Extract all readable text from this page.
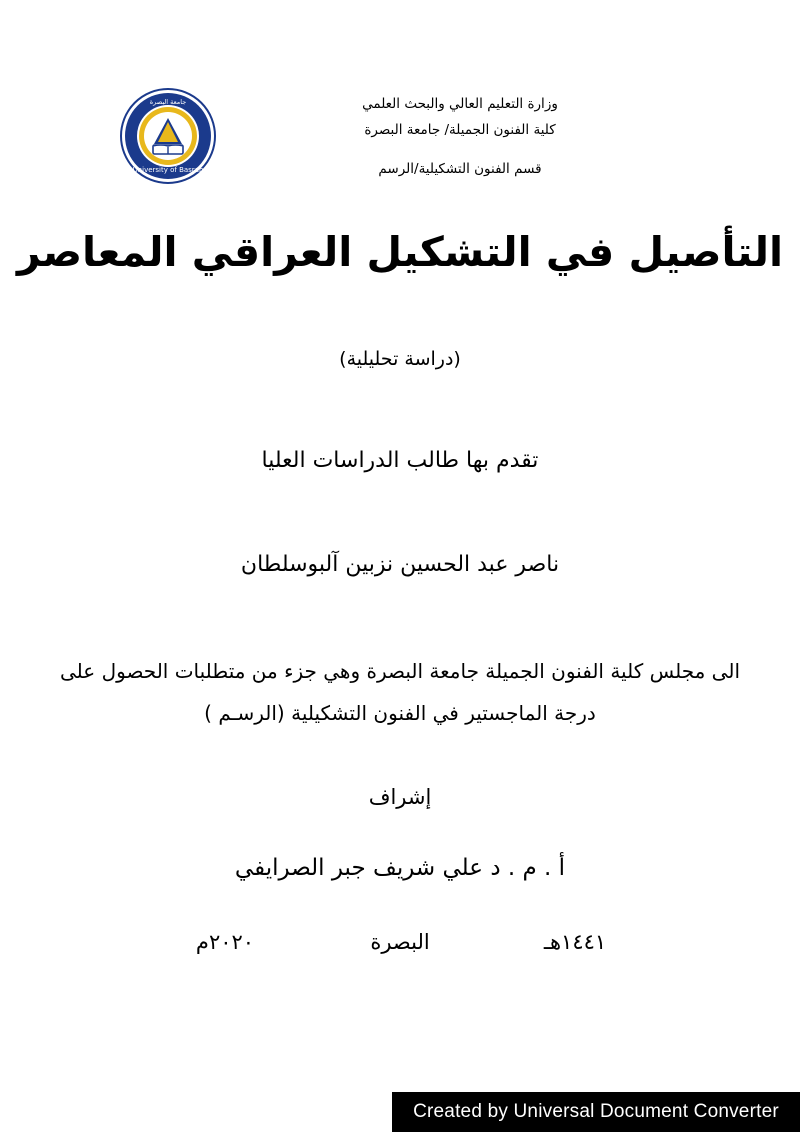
University of Basrah
جامعة البصرة	وزارة التعليم العالي والبحث العلمي
كلية الفنون الجميلة/ جامعة البصرة
قسم الفنون التشكيلية/الرسم
التأصيل في التشكيل العراقي المعاصر
(دراسة تحليلية)
تقدم بها طالب الدراسات العليا
ناصر عبد الحسين نزبين آلبوسلطان
الى مجلس كلية الفنون الجميلة جامعة البصرة وهي جزء من متطلبات الحصول على
درجة الماجستير في الفنون التشكيلية (الرسـم )
إشراف
أ . م . د علي شريف جبر الصرايفي
١٤٤١هـ
البصرة
٢٠٢٠م
Created by Universal Document Converter
